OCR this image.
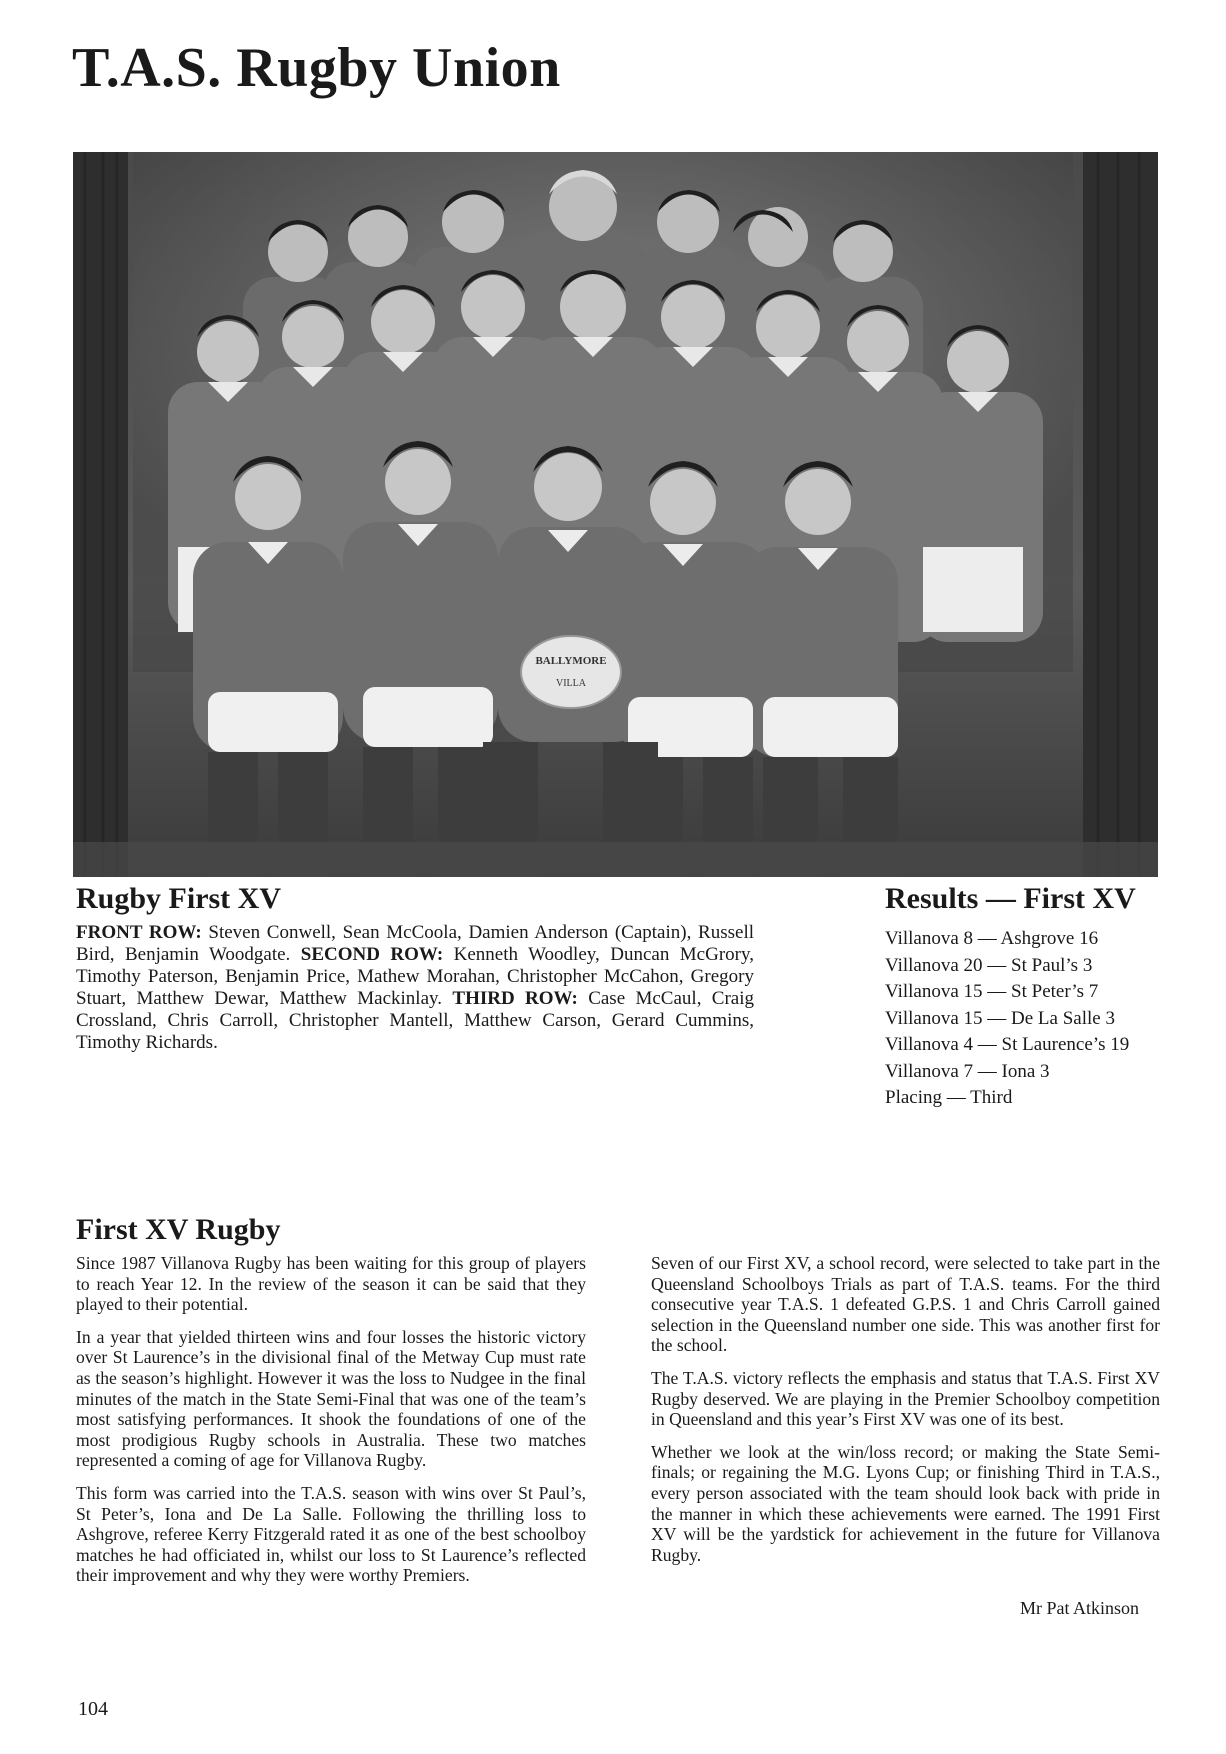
T.A.S. Rugby Union
BALLYMORE
VILLA
Rugby First XV

FRONT ROW: Steven Conwell, Sean McCoola, Damien Anderson (Captain), Russell Bird, Benjamin Woodgate. SECOND ROW: Kenneth Woodley, Duncan McGrory, Timothy Paterson, Benjamin Price, Mathew Morahan, Christopher McCahon, Gregory Stuart, Matthew Dewar, Matthew Mackinlay. THIRD ROW: Case McCaul, Craig Crossland, Chris Carroll, Christopher Mantell, Matthew Carson, Gerard Cummins, Timothy Richards.

Results — First XV
Villanova 8 — Ashgrove 16
Villanova 20 — St Paul’s 3
Villanova 15 — St Peter’s 7
Villanova 15 — De La Salle 3
Villanova 4 — St Laurence’s 19
Villanova 7 — Iona 3
Placing — Third
First XV Rugby

Since 1987 Villanova Rugby has been waiting for this group of players to reach Year 12. In the review of the season it can be said that they played to their potential.

In a year that yielded thirteen wins and four losses the historic victory over St Laurence’s in the divisional final of the Metway Cup must rate as the season’s highlight. However it was the loss to Nudgee in the final minutes of the match in the State Semi-Final that was one of the team’s most satisfying performances. It shook the foundations of one of the most prodigious Rugby schools in Australia. These two matches represented a coming of age for Villanova Rugby.

This form was carried into the T.A.S. season with wins over St Paul’s, St Peter’s, Iona and De La Salle. Following the thrilling loss to Ashgrove, referee Kerry Fitzgerald rated it as one of the best schoolboy matches he had officiated in, whilst our loss to St Laurence’s reflected their improvement and why they were worthy Premiers.

Seven of our First XV, a school record, were selected to take part in the Queensland Schoolboys Trials as part of T.A.S. teams. For the third consecutive year T.A.S. 1 defeated G.P.S. 1 and Chris Carroll gained selection in the Queensland number one side. This was another first for the school.

The T.A.S. victory reflects the emphasis and status that T.A.S. First XV Rugby deserved. We are playing in the Premier Schoolboy competition in Queensland and this year’s First XV was one of its best.

Whether we look at the win/loss record; or making the State Semi-finals; or regaining the M.G. Lyons Cup; or finishing Third in T.A.S., every person associated with the team should look back with pride in the manner in which these achievements were earned. The 1991 First XV will be the yardstick for achievement in the future for Villanova Rugby.

Mr Pat Atkinson
104
